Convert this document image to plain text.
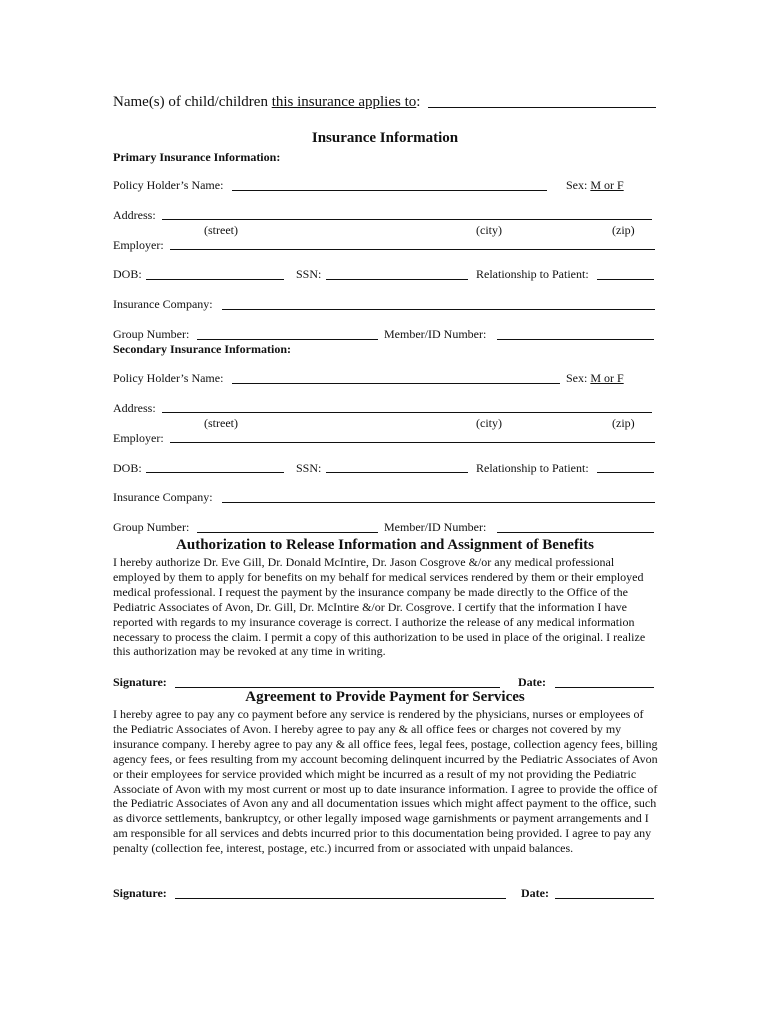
Name(s) of child/children this insurance applies to:
Insurance Information
Primary Insurance Information:
Policy Holder’s Name:	Sex: M or F
Address:
(street)	(city)	(zip)
Employer:
DOB:	SSN:	Relationship to Patient:
Insurance Company:
Group Number:	Member/ID Number:
Secondary Insurance Information:
Policy Holder’s Name:	Sex: M or F
Address:
(street)	(city)	(zip)
Employer:
DOB:	SSN:	Relationship to Patient:
Insurance Company:
Group Number:	Member/ID Number:
Authorization to Release Information and Assignment of Benefits
I hereby authorize Dr. Eve Gill, Dr. Donald McIntire, Dr. Jason Cosgrove &/or any medical professional employed by them to apply for benefits on my behalf for medical services rendered by them or their employed medical professional. I request the payment by the insurance company be made directly to the Office of the Pediatric Associates of Avon, Dr. Gill, Dr. McIntire &/or Dr. Cosgrove. I certify that the information I have reported with regards to my insurance coverage is correct. I authorize the release of any medical information necessary to process the claim. I permit a copy of this authorization to be used in place of the original. I realize this authorization may be revoked at any time in writing.
Signature:	Date:
Agreement to Provide Payment for Services
I hereby agree to pay any co payment before any service is rendered by the physicians, nurses or employees of the Pediatric Associates of Avon. I hereby agree to pay any & all office fees or charges not covered by my insurance company. I hereby agree to pay any & all office fees, legal fees, postage, collection agency fees, billing agency fees, or fees resulting from my account becoming delinquent incurred by the Pediatric Associates of Avon or their employees for service provided which might be incurred as a result of my not providing the Pediatric Associate of Avon with my most current or most up to date insurance information. I agree to provide the office of the Pediatric Associates of Avon any and all documentation issues which might affect payment to the office, such as divorce settlements, bankruptcy, or other legally imposed wage garnishments or payment arrangements and I am responsible for all services and debts incurred prior to this documentation being provided. I agree to pay any penalty (collection fee, interest, postage, etc.) incurred from or associated with unpaid balances.
Signature:	Date:
